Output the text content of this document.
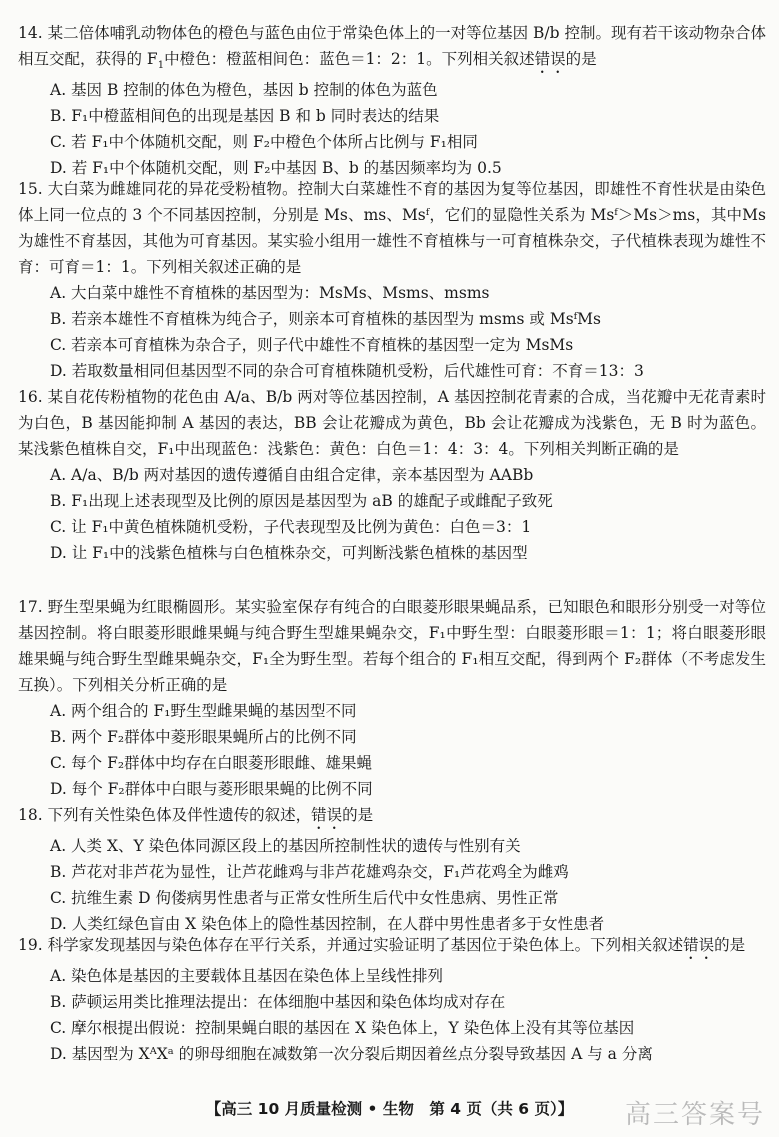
14. 某二倍体哺乳动物体色的橙色与蓝色由位于常染色体上的一对等位基因 B/b 控制。现有若干该动物杂合体相互交配，获得的 $F_1$中橙色：橙蓝相间色：蓝色＝1：2：1。下列相关叙述错误的是

A. 基因 B 控制的体色为橙色，基因 b 控制的体色为蓝色

B. F₁中橙蓝相间色的出现是基因 B 和 b 同时表达的结果

C. 若 F₁中个体随机交配，则 F₂中橙色个体所占比例与 F₁相同

D. 若 F₁中个体随机交配，则 F₂中基因 B、b 的基因频率均为 0.5

15. 大白菜为雌雄同花的异花受粉植物。控制大白菜雄性不育的基因为复等位基因，即雄性不育性状是由染色体上同一位点的 3 个不同基因控制，分别是 Ms、ms、Msᶠ，它们的显隐性关系为 Msᶠ＞Ms＞ms，其中Ms 为雄性不育基因，其他为可育基因。某实验小组用一雄性不育植株与一可育植株杂交，子代植株表现为雄性不育：可育＝1：1。下列相关叙述正确的是

A. 大白菜中雄性不育植株的基因型为：MsMs、Msms、msms

B. 若亲本雄性不育植株为纯合子，则亲本可育植株的基因型为 msms 或 MsᶠMs

C. 若亲本可育植株为杂合子，则子代中雄性不育植株的基因型一定为 MsMs

D. 若取数量相同但基因型不同的杂合可育植株随机受粉，后代雄性可育：不育＝13：3

16. 某自花传粉植物的花色由 A/a、B/b 两对等位基因控制，A 基因控制花青素的合成，当花瓣中无花青素时为白色，B 基因能抑制 A 基因的表达，BB 会让花瓣成为黄色，Bb 会让花瓣成为浅紫色，无 B 时为蓝色。某浅紫色植株自交，F₁中出现蓝色：浅紫色：黄色：白色＝1：4：3：4。下列相关判断正确的是

A. A/a、B/b 两对基因的遗传遵循自由组合定律，亲本基因型为 AABb

B. F₁出现上述表现型及比例的原因是基因型为 aB 的雄配子或雌配子致死

C. 让 F₁中黄色植株随机受粉，子代表现型及比例为黄色：白色＝3：1

D. 让 F₁中的浅紫色植株与白色植株杂交，可判断浅紫色植株的基因型

17. 野生型果蝇为红眼椭圆形。某实验室保存有纯合的白眼菱形眼果蝇品系，已知眼色和眼形分别受一对等位基因控制。将白眼菱形眼雌果蝇与纯合野生型雄果蝇杂交，F₁中野生型：白眼菱形眼＝1：1；将白眼菱形眼雄果蝇与纯合野生型雌果蝇杂交，F₁全为野生型。若每个组合的 F₁相互交配，得到两个 F₂群体（不考虑发生互换）。下列相关分析正确的是

A. 两个组合的 F₁野生型雌果蝇的基因型不同

B. 两个 F₂群体中菱形眼果蝇所占的比例不同

C. 每个 F₂群体中均存在白眼菱形眼雌、雄果蝇

D. 每个 F₂群体中白眼与菱形眼果蝇的比例不同

18. 下列有关性染色体及伴性遗传的叙述，错误的是

A. 人类 X、Y 染色体同源区段上的基因所控制性状的遗传与性别有关

B. 芦花对非芦花为显性，让芦花雌鸡与非芦花雄鸡杂交，F₁芦花鸡全为雌鸡

C. 抗维生素 D 佝偻病男性患者与正常女性所生后代中女性患病、男性正常

D. 人类红绿色盲由 X 染色体上的隐性基因控制，在人群中男性患者多于女性患者

19. 科学家发现基因与染色体存在平行关系，并通过实验证明了基因位于染色体上。下列相关叙述错误的是

A. 染色体是基因的主要载体且基因在染色体上呈线性排列

B. 萨顿运用类比推理法提出：在体细胞中基因和染色体均成对存在

C. 摩尔根提出假说：控制果蝇白眼的基因在 X 染色体上，Y 染色体上没有其等位基因

D. 基因型为 XᴬXᵃ 的卵母细胞在减数第一次分裂后期因着丝点分裂导致基因 A 与 a 分离

【高三 10 月质量检测 • 生物　第 4 页（共 6 页）】	高三答案号
